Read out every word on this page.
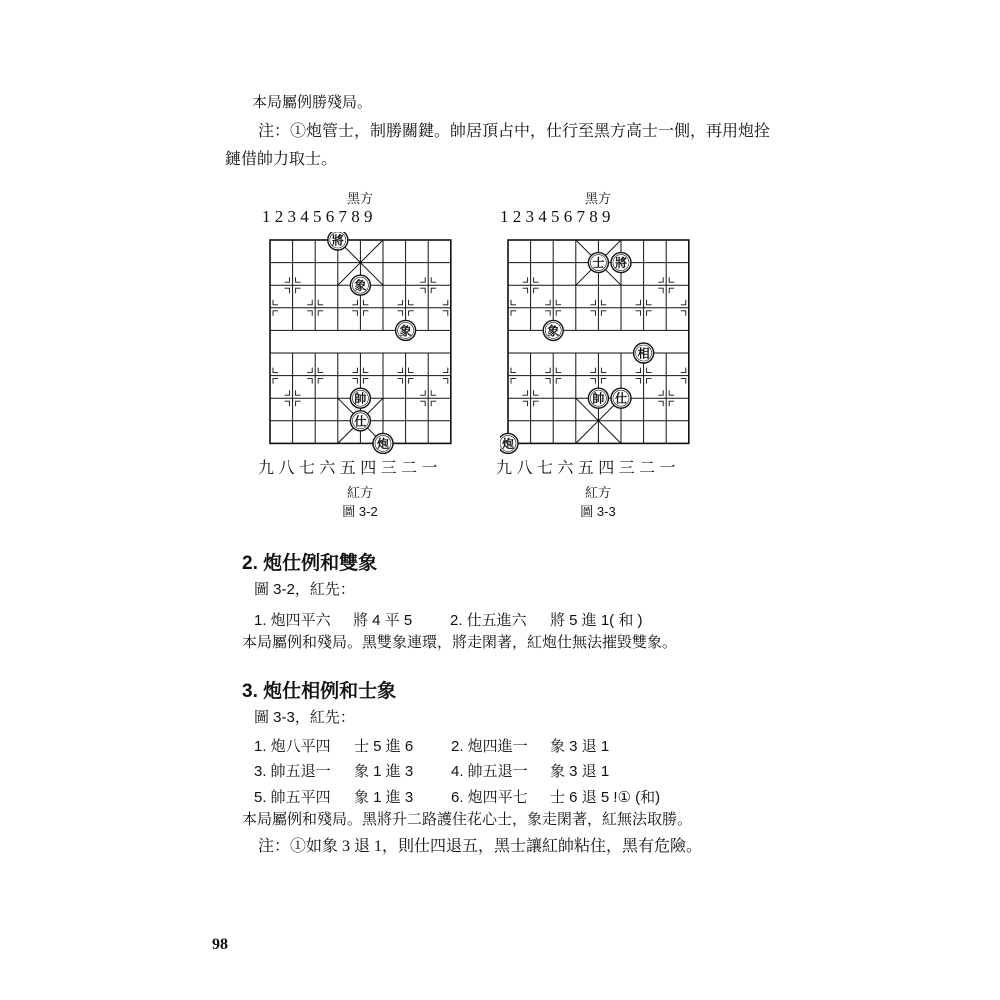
本局屬例勝殘局。
注：①炮管士，制勝關鍵。帥居頂占中，仕行至黑方高士一側，再用炮拴
鏈借帥力取士。
黑方
1 2 3 4 5 6 7 8 9
將
象
象
帥
仕
炮
九 八 七 六 五 四 三 二 一
紅方
圖 3-2
黑方
1 2 3 4 5 6 7 8 9
士 將
象
相
帥 仕
炮
九 八 七 六 五 四 三 二 一
紅方
圖 3-3
2. 炮仕例和雙象
圖 3-2，紅先：
1. 炮四平六 將 4 平 5	2. 仕五進六 將 5 進 1( 和 )
本局屬例和殘局。黑雙象連環，將走閑著，紅炮仕無法摧毀雙象。
3. 炮仕相例和士象
圖 3-3，紅先：
1. 炮八平四 士 5 進 6	2. 炮四進一 象 3 退 1
3. 帥五退一 象 1 進 3	4. 帥五退一 象 3 退 1
5. 帥五平四 象 1 進 3	6. 炮四平七 士 6 退 5 !① (和)
本局屬例和殘局。黑將升二路護住花心士，象走閑著，紅無法取勝。
注：①如象 3 退 1，則仕四退五，黑士讓紅帥粘住，黑有危險。
98
